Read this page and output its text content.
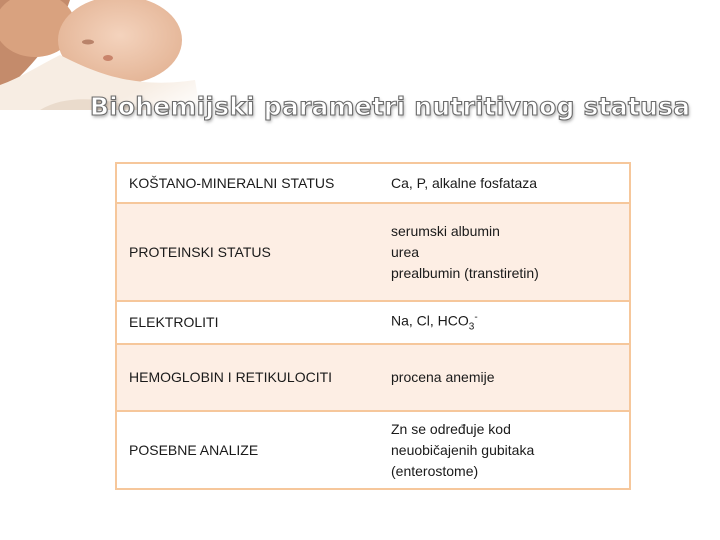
Biohemijski parametri nutritivnog statusa
KOŠTANO-MINERALNI STATUS	Ca, P, alkalne fosfataza

PROTEINSKI STATUS	serumski albumin
urea
prealbumin (transtiretin)

ELEKTROLITI	Na, Cl, $HCO_3^-$
HEMOGLOBIN I RETIKULOCITI	procena anemije

POSEBNE ANALIZE	Zn se određuje kod
neuobičajenih gubitaka
(enterostome)
